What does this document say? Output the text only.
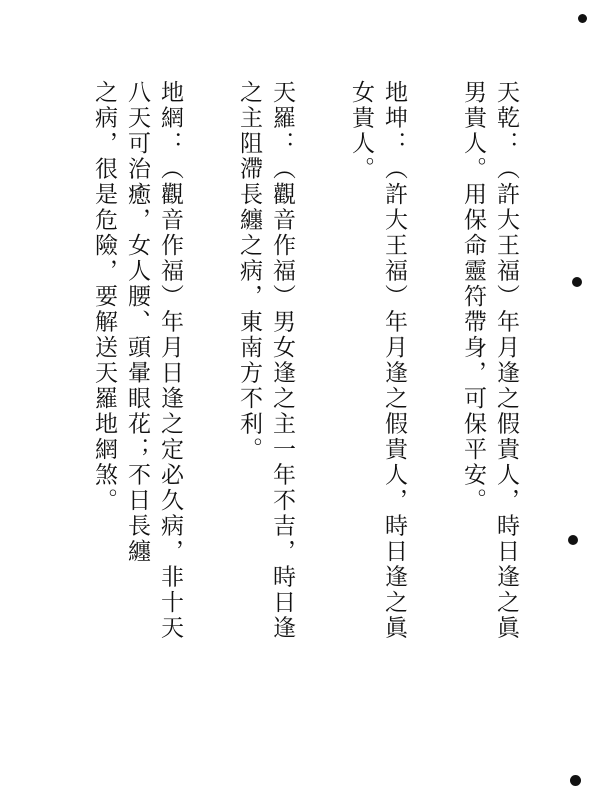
天乾：（許大王福）年月逢之假貴人，時日逢之眞
男貴人。用保命靈符帶身，可保平安。
地坤：（許大王福）年月逢之假貴人，時日逢之眞
女貴人。
天羅：（觀音作福）男女逢之主一年不吉，時日逢
之主阻滯長纏之病，東南方不利。
地網：（觀音作福）年月日逢之定必久病，非十天
八天可治癒，女人腰、頭暈眼花；不日長纏
之病，很是危險，要解送天羅地網煞。
